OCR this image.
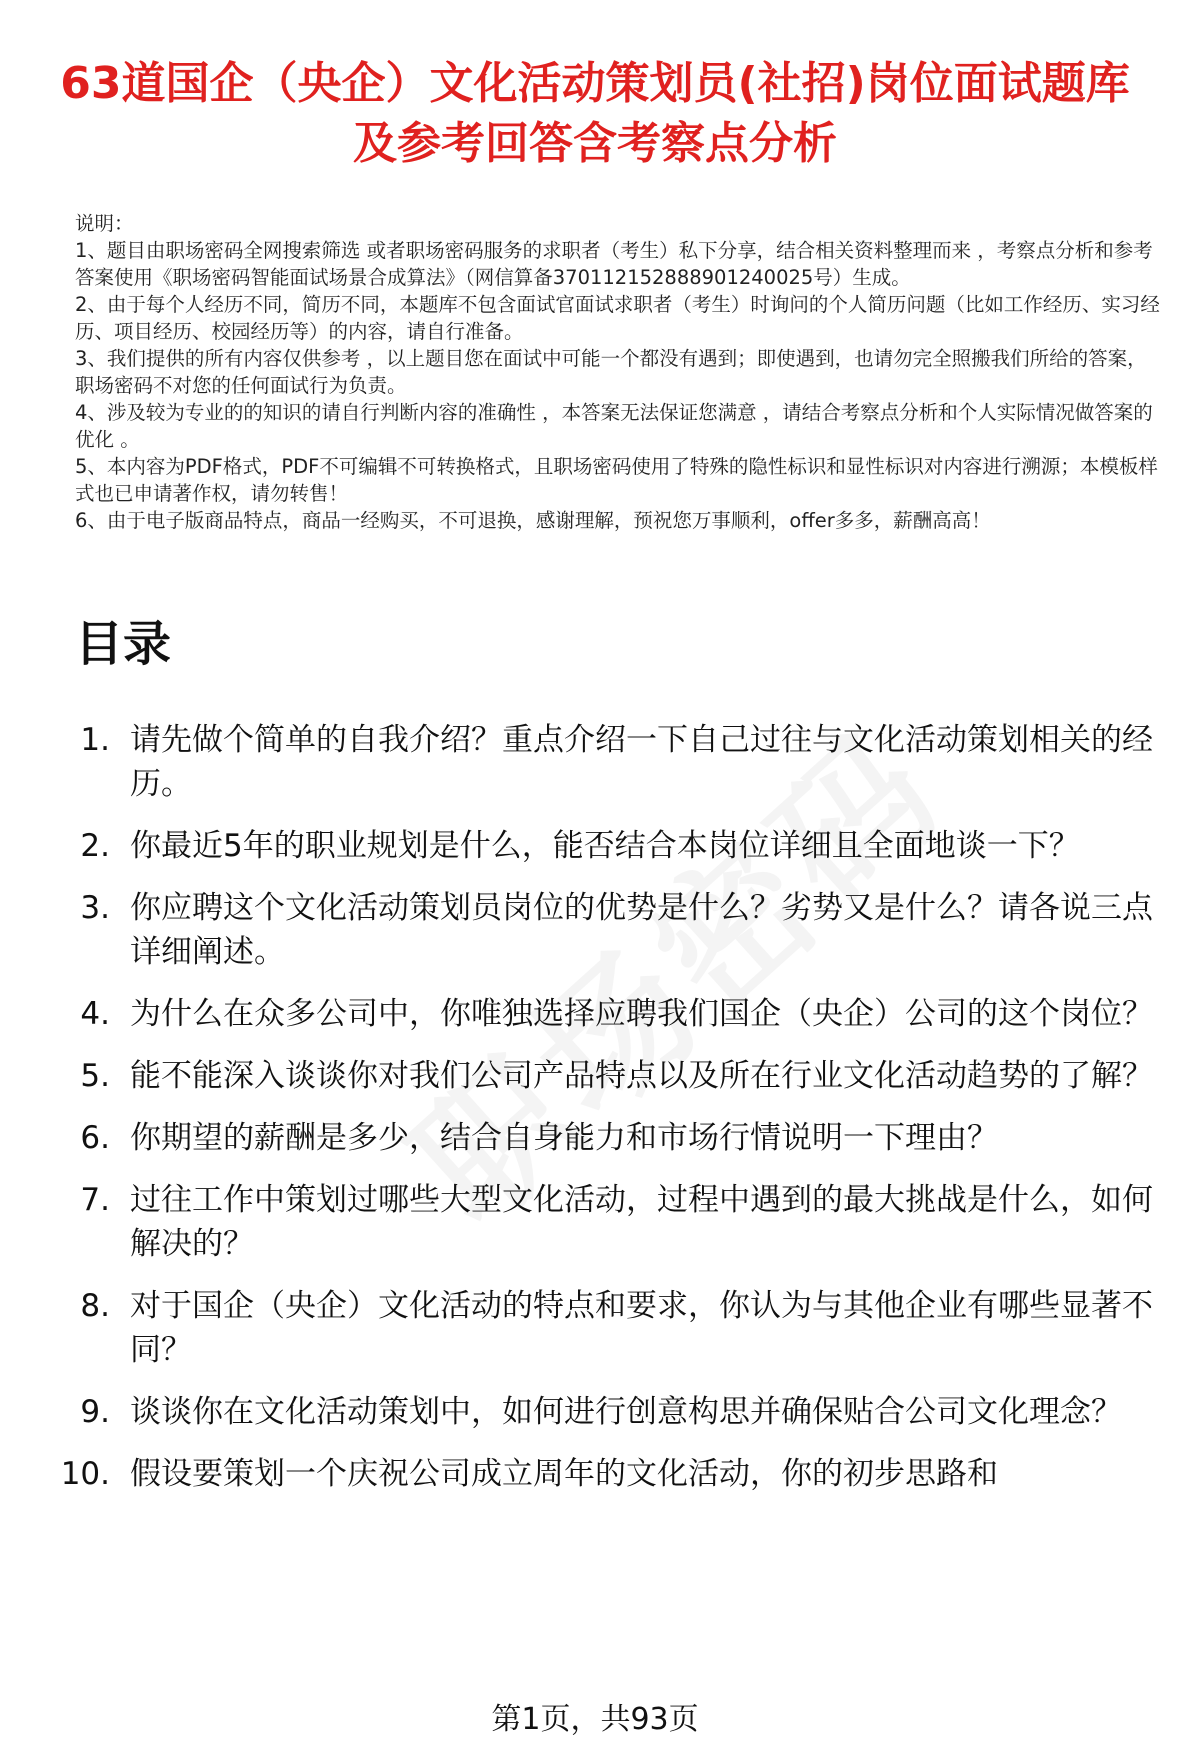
63道国企（央企）文化活动策划员(社招)岗位面试题库及参考回答含考察点分析
说明：
1、题目由职场密码全网搜索筛选 或者职场密码服务的求职者（考生）私下分享，结合相关资料整理而来 ，考察点分析和参考答案使用《职场密码智能面试场景合成算法》（网信算备370112152888901240025号）生成。
2、由于每个人经历不同，简历不同，本题库不包含面试官面试求职者（考生）时询问的个人简历问题（比如工作经历、实习经历、项目经历、校园经历等）的内容，请自行准备。
3、我们提供的所有内容仅供参考 ，以上题目您在面试中可能一个都没有遇到；即使遇到，也请勿完全照搬我们所给的答案，职场密码不对您的任何面试行为负责。
4、涉及较为专业的的知识的请自行判断内容的准确性 ，本答案无法保证您满意 ，请结合考察点分析和个人实际情况做答案的优化 。
5、本内容为PDF格式，PDF不可编辑不可转换格式，且职场密码使用了特殊的隐性标识和显性标识对内容进行溯源；本模板样式也已申请著作权，请勿转售！
6、由于电子版商品特点，商品一经购买，不可退换，感谢理解，预祝您万事顺利，offer多多，薪酬高高！
目录
1. 请先做个简单的自我介绍？重点介绍一下自己过往与文化活动策划相关的经历。
2. 你最近5年的职业规划是什么，能否结合本岗位详细且全面地谈一下？
3. 你应聘这个文化活动策划员岗位的优势是什么？劣势又是什么？请各说三点详细阐述。
4. 为什么在众多公司中，你唯独选择应聘我们国企（央企）公司的这个岗位？
5. 能不能深入谈谈你对我们公司产品特点以及所在行业文化活动趋势的了解？
6. 你期望的薪酬是多少，结合自身能力和市场行情说明一下理由？
7. 过往工作中策划过哪些大型文化活动，过程中遇到的最大挑战是什么，如何解决的？
8. 对于国企（央企）文化活动的特点和要求，你认为与其他企业有哪些显著不同？
9. 谈谈你在文化活动策划中，如何进行创意构思并确保贴合公司文化理念？
10. 假设要策划一个庆祝公司成立周年的文化活动，你的初步思路和
第1页，共93页
